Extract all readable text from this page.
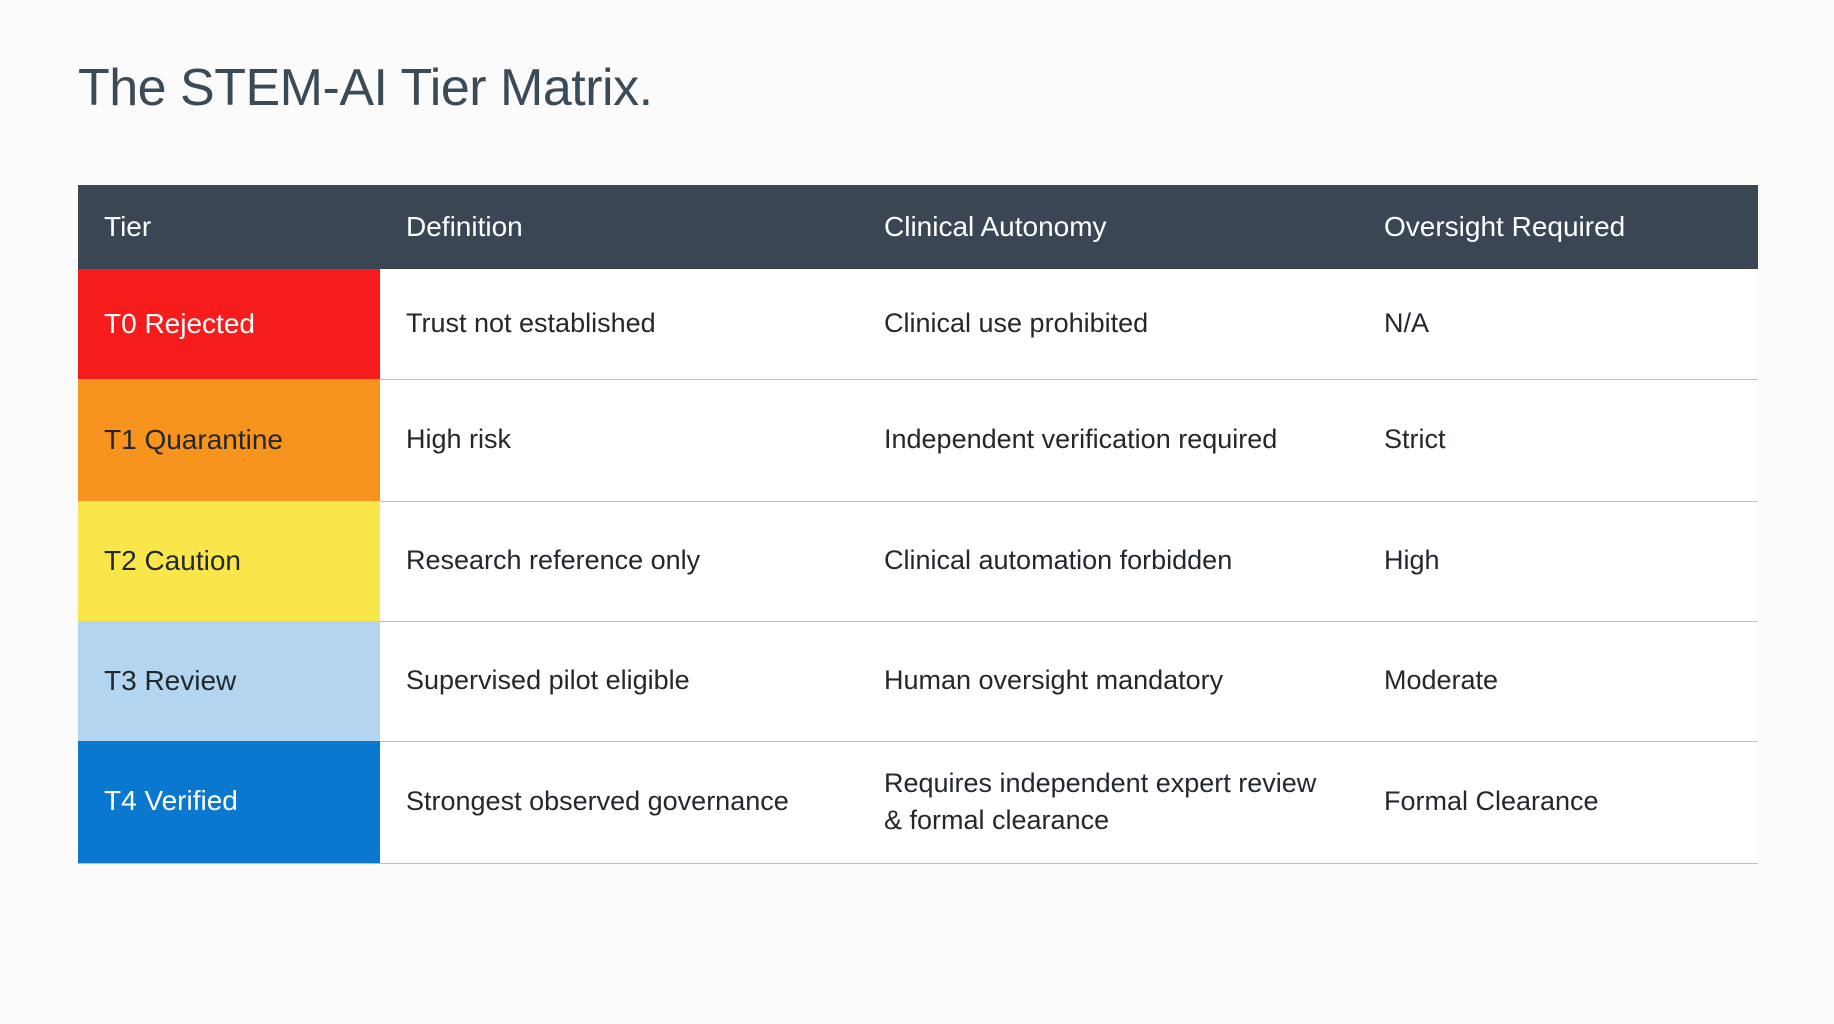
The STEM-AI Tier Matrix.
Tier	Definition	Clinical Autonomy	Oversight Required
T0 Rejected	Trust not established	Clinical use prohibited	N/A
T1 Quarantine	High risk	Independent verification required	Strict
T2 Caution	Research reference only	Clinical automation forbidden	High
T3 Review	Supervised pilot eligible	Human oversight mandatory	Moderate
T4 Verified	Strongest observed governance	Requires independent expert review & formal clearance	Formal Clearance
